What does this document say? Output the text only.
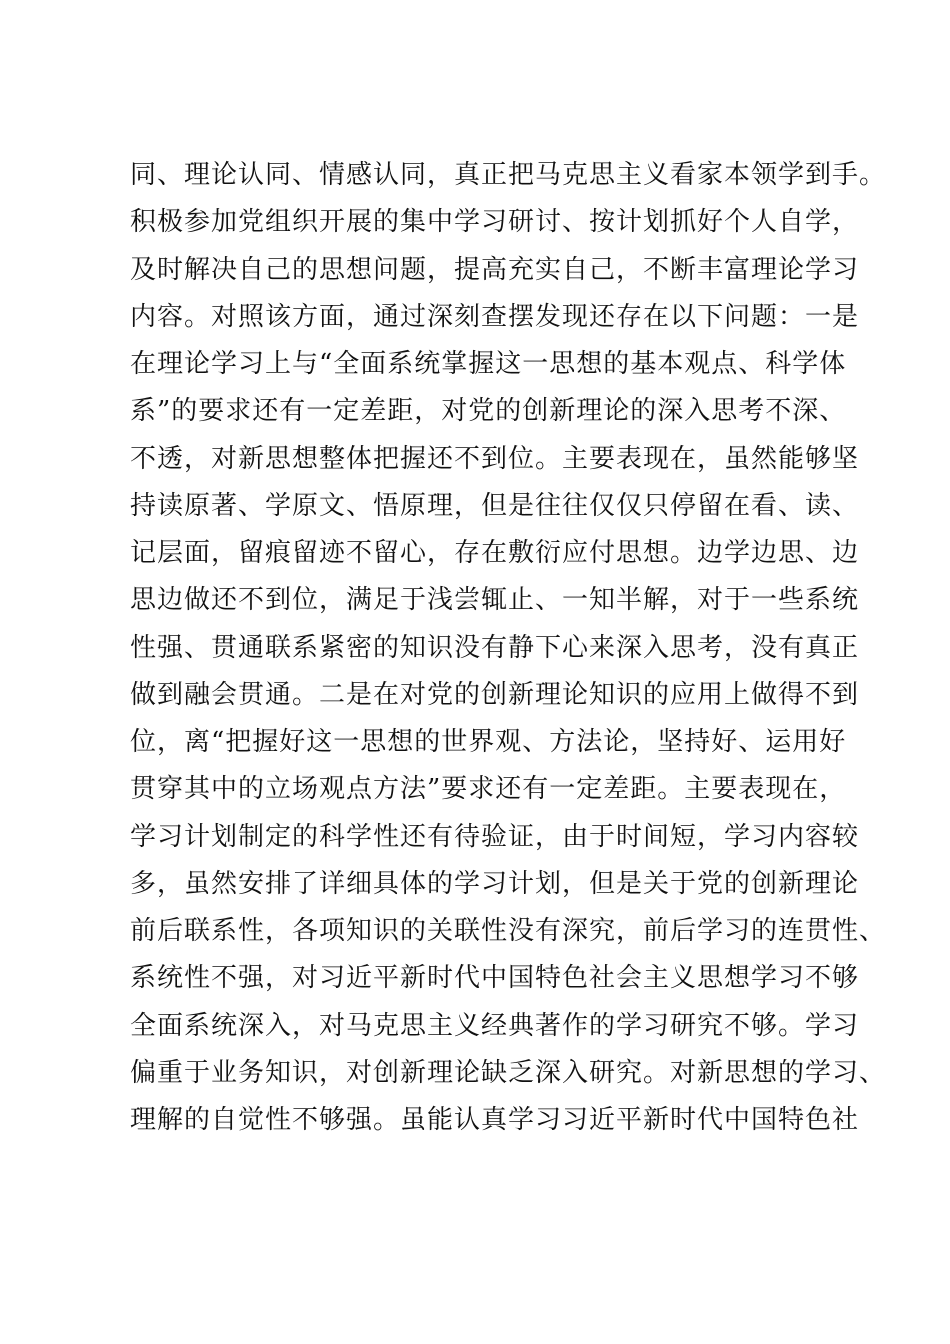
同、理论认同、情感认同，真正把马克思主义看家本领学到手。
积极参加党组织开展的集中学习研讨、按计划抓好个人自学，
及时解决自己的思想问题，提高充实自己，不断丰富理论学习
内容。对照该方面，通过深刻查摆发现还存在以下问题：一是
在理论学习上与“全面系统掌握这一思想的基本观点、科学体
系”的要求还有一定差距，对党的创新理论的深入思考不深、
不透，对新思想整体把握还不到位。主要表现在，虽然能够坚
持读原著、学原文、悟原理，但是往往仅仅只停留在看、读、
记层面，留痕留迹不留心，存在敷衍应付思想。边学边思、边
思边做还不到位，满足于浅尝辄止、一知半解，对于一些系统
性强、贯通联系紧密的知识没有静下心来深入思考，没有真正
做到融会贯通。二是在对党的创新理论知识的应用上做得不到
位，离“把握好这一思想的世界观、方法论，坚持好、运用好
贯穿其中的立场观点方法”要求还有一定差距。主要表现在，
学习计划制定的科学性还有待验证，由于时间短，学习内容较
多，虽然安排了详细具体的学习计划，但是关于党的创新理论
前后联系性，各项知识的关联性没有深究，前后学习的连贯性、
系统性不强，对习近平新时代中国特色社会主义思想学习不够
全面系统深入，对马克思主义经典著作的学习研究不够。学习
偏重于业务知识，对创新理论缺乏深入研究。对新思想的学习、
理解的自觉性不够强。虽能认真学习习近平新时代中国特色社
